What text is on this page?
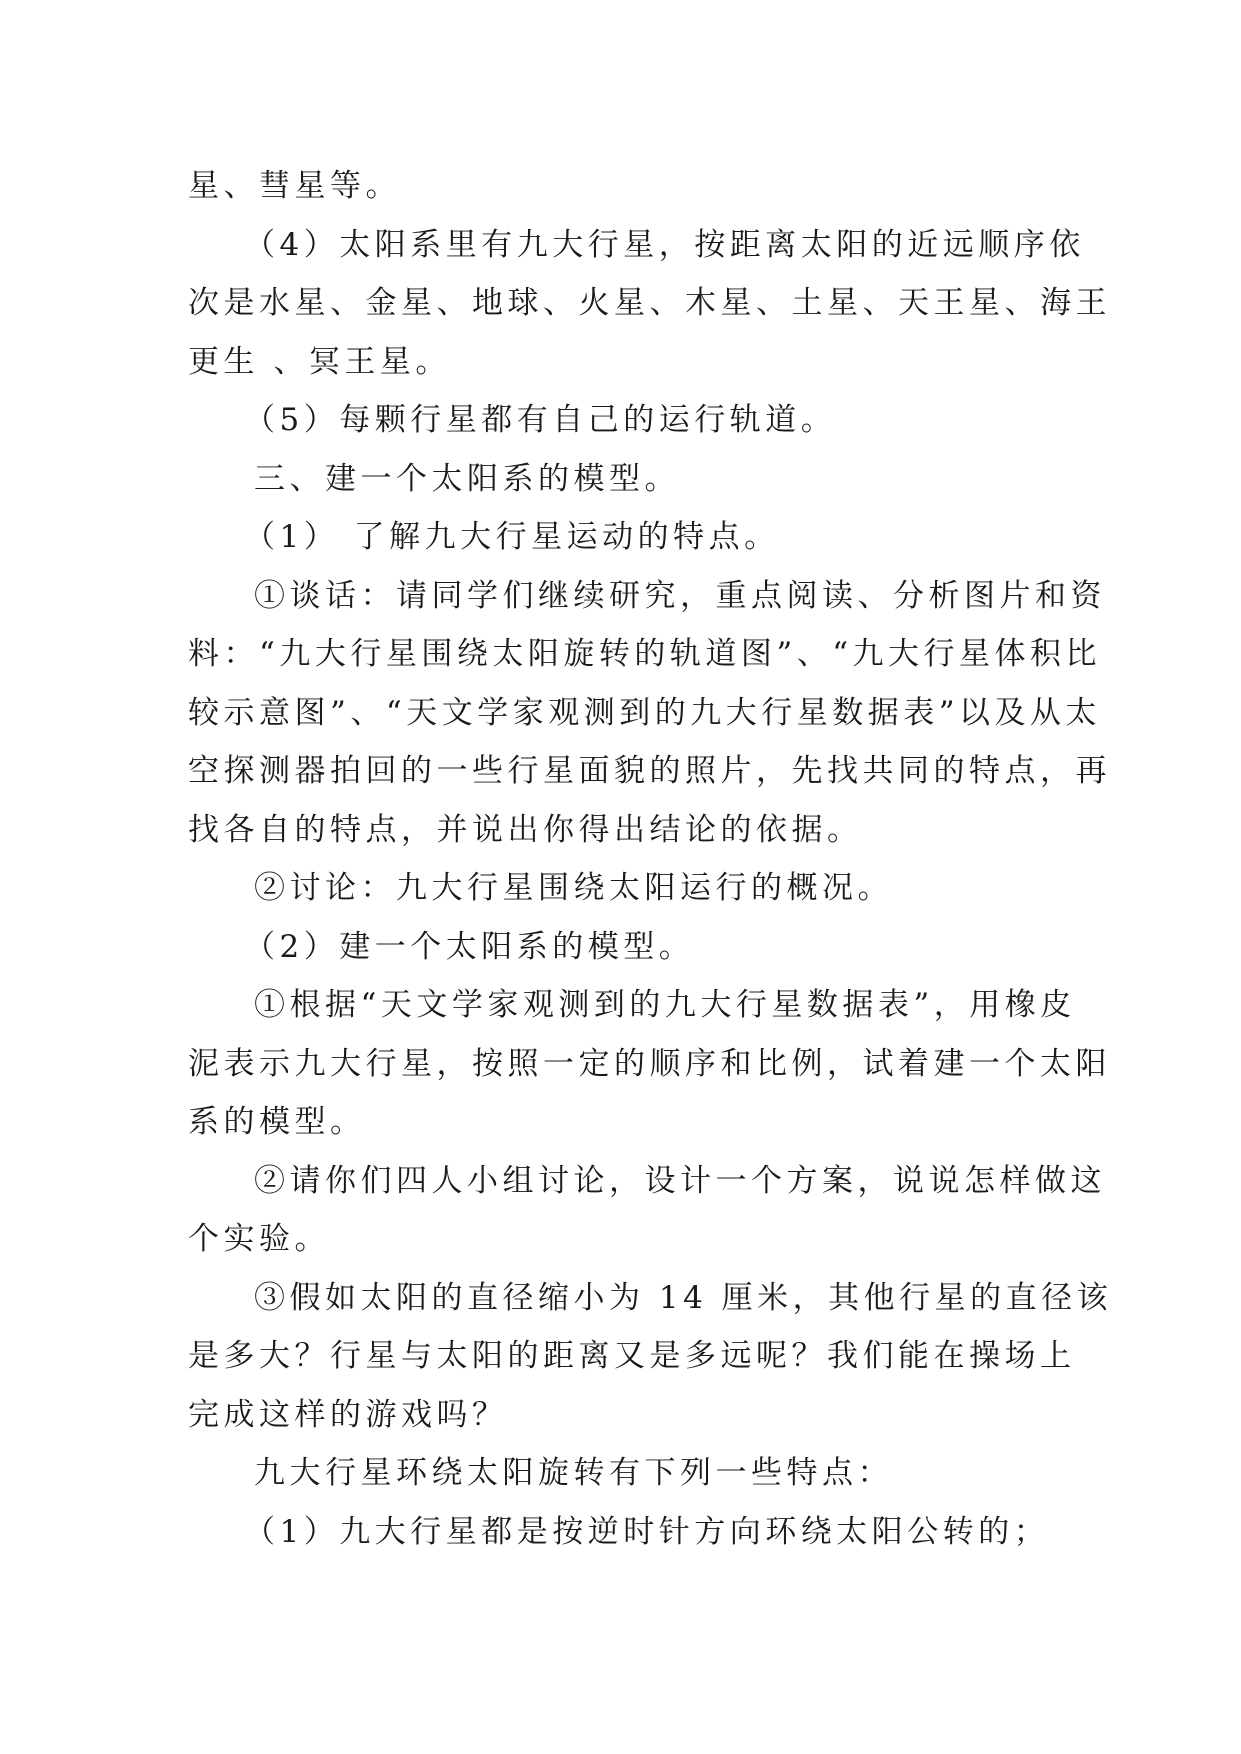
星、彗星等。
（4）太阳系里有九大行星，按距离太阳的近远顺序依
次是水星、金星、地球、火星、木星、土星、天王星、海王
更生 、冥王星。
（5）每颗行星都有自己的运行轨道。
三、建一个太阳系的模型。
（1） 了解九大行星运动的特点。
①谈话：请同学们继续研究，重点阅读、分析图片和资
料：“九大行星围绕太阳旋转的轨道图”、“九大行星体积比
较示意图”、“天文学家观测到的九大行星数据表”以及从太
空探测器拍回的一些行星面貌的照片，先找共同的特点，再
找各自的特点，并说出你得出结论的依据。
②讨论：九大行星围绕太阳运行的概况。
（2）建一个太阳系的模型。
①根据“天文学家观测到的九大行星数据表”，用橡皮
泥表示九大行星，按照一定的顺序和比例，试着建一个太阳
系的模型。
②请你们四人小组讨论，设计一个方案，说说怎样做这
个实验。
③假如太阳的直径缩小为 14 厘米，其他行星的直径该
是多大？行星与太阳的距离又是多远呢？我们能在操场上
完成这样的游戏吗？
九大行星环绕太阳旋转有下列一些特点：
（1）九大行星都是按逆时针方向环绕太阳公转的；
